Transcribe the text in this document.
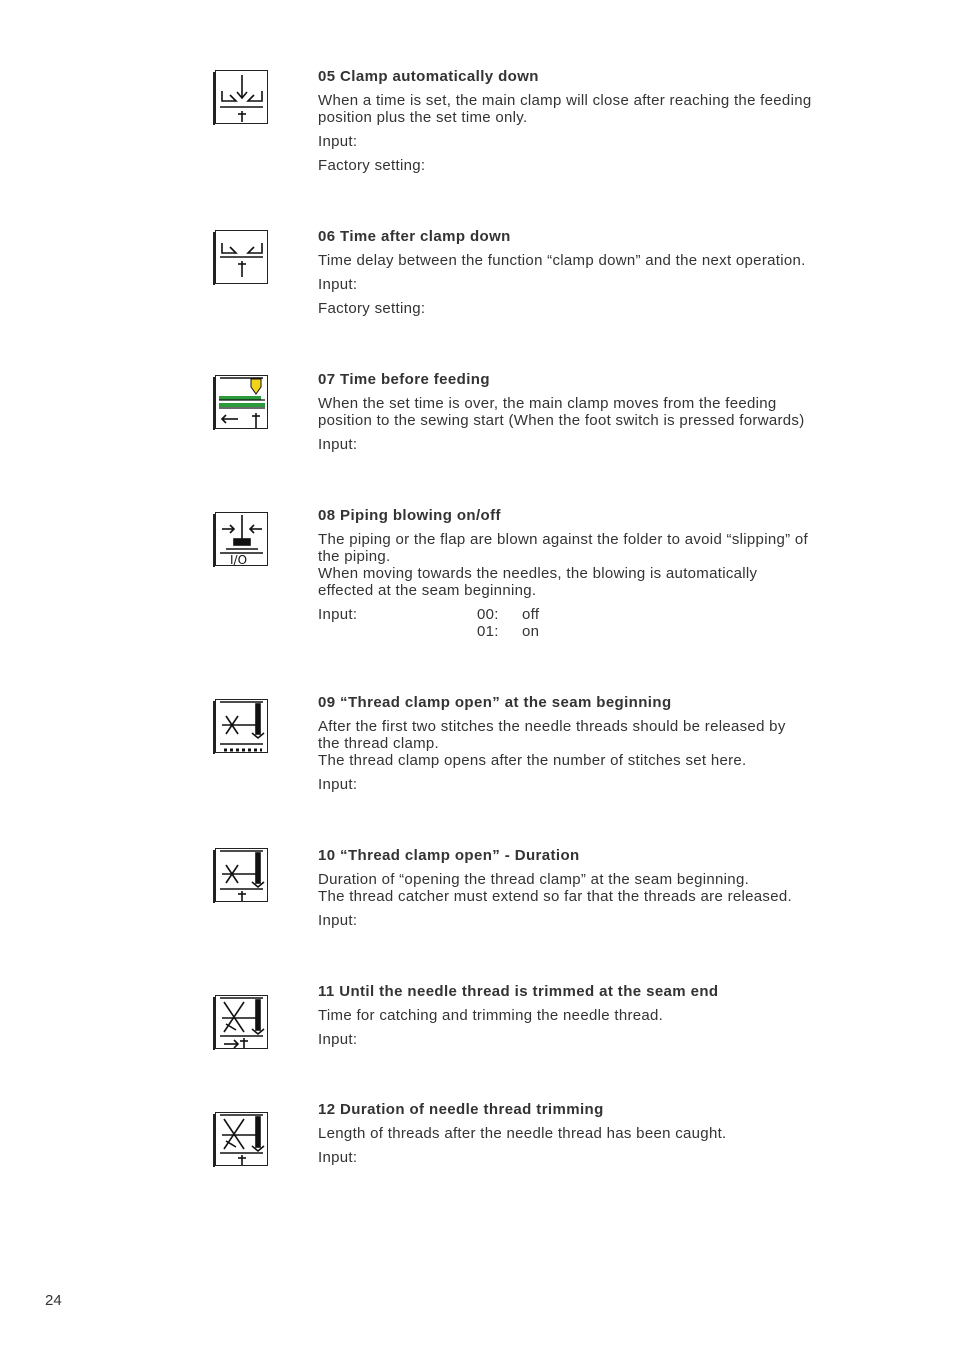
05 Clamp automatically down
When a time is set, the main clamp will close after reaching the feeding
position plus the set time only.
Input:
Factory setting:
06 Time after clamp down
Time delay between the function “clamp down” and the next operation.
Input:
Factory setting:
07 Time before feeding
When the set time is over, the main clamp moves from the feeding
position to the sewing start (When the foot switch is pressed forwards)
Input:
I/O
08 Piping blowing on/off
The piping or the flap are blown against the folder to avoid “slipping” of
the piping.
When moving towards the needles, the blowing is automatically
effected at the seam beginning.
Input:	00: off

01: on
09 “Thread clamp open” at the seam beginning
After the first two stitches the needle threads should be released by
the thread clamp.
The thread clamp opens after the number of stitches set here.
Input:
10 “Thread clamp open” - Duration
Duration of “opening the thread clamp” at the seam beginning.
The thread catcher must extend so far that the threads are released.
Input:
11 Until the needle thread is trimmed at the seam end
Time for catching and trimming the needle thread.
Input:
12 Duration of needle thread trimming
Length of threads after the needle thread has been caught.
Input:
24
